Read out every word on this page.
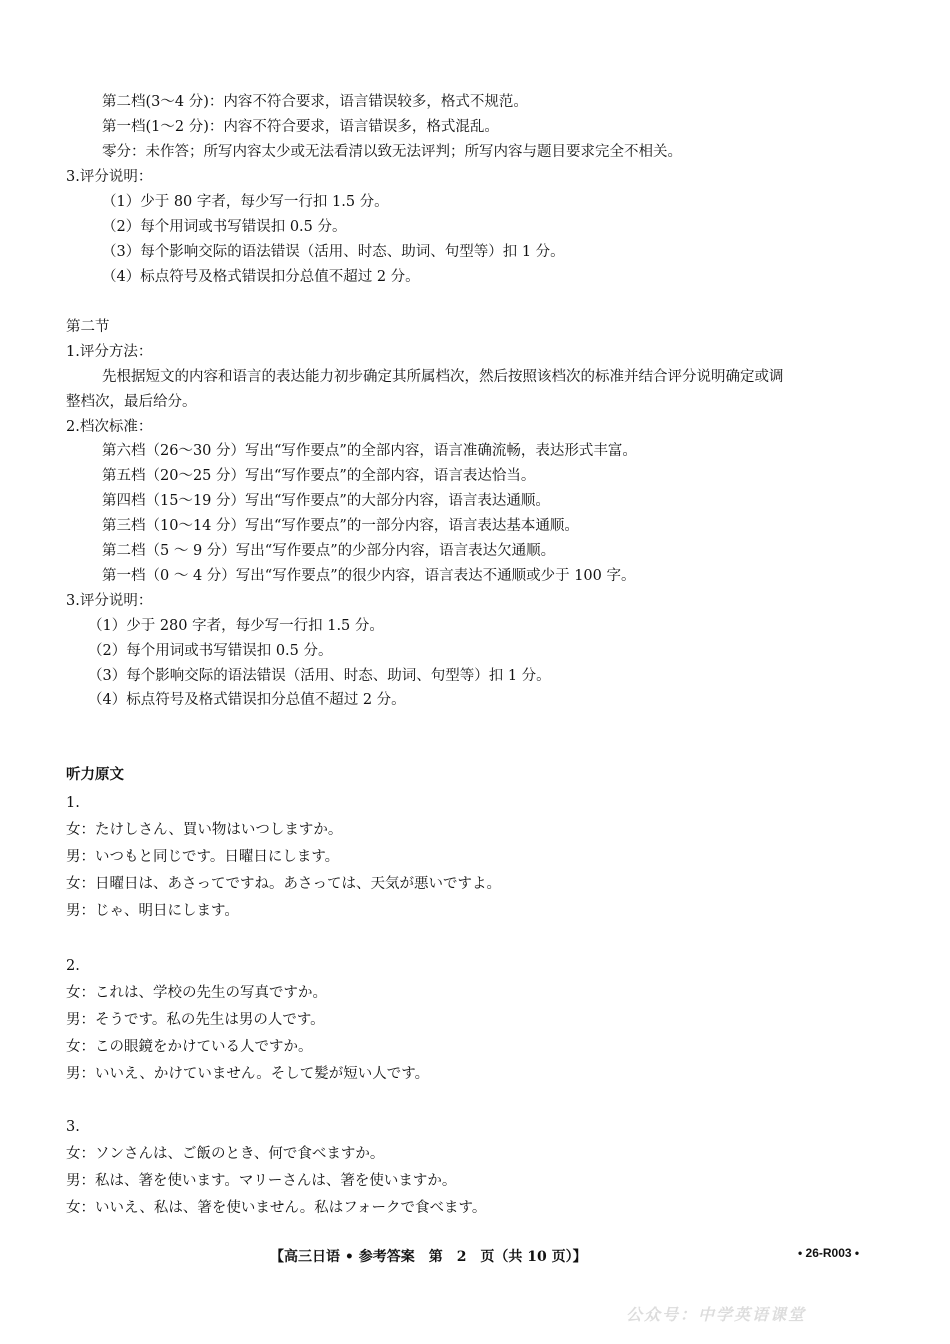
第二档(3～4 分)：内容不符合要求，语言错误较多，格式不规范。
第一档(1～2 分)：内容不符合要求，语言错误多，格式混乱。
零分：未作答；所写内容太少或无法看清以致无法评判；所写内容与题目要求完全不相关。
3.评分说明：
（1）少于 80 字者，每少写一行扣 1.5 分。
（2）每个用词或书写错误扣 0.5 分。
（3）每个影响交际的语法错误（活用、时态、助词、句型等）扣 1 分。
（4）标点符号及格式错误扣分总值不超过 2 分。
第二节
1.评分方法：
先根据短文的内容和语言的表达能力初步确定其所属档次，然后按照该档次的标准并结合评分说明确定或调
整档次，最后给分。
2.档次标准：
第六档（26～30 分）写出“写作要点”的全部内容，语言准确流畅，表达形式丰富。
第五档（20～25 分）写出“写作要点”的全部内容，语言表达恰当。
第四档（15～19 分）写出“写作要点”的大部分内容，语言表达通顺。
第三档（10～14 分）写出“写作要点”的一部分内容，语言表达基本通顺。
第二档（5 ～ 9 分）写出“写作要点”的少部分内容，语言表达欠通顺。
第一档（0 ～ 4 分）写出“写作要点”的很少内容，语言表达不通顺或少于 100 字。
3.评分说明：
（1）少于 280 字者，每少写一行扣 1.5 分。
（2）每个用词或书写错误扣 0.5 分。
（3）每个影响交际的语法错误（活用、时态、助词、句型等）扣 1 分。
（4）标点符号及格式错误扣分总值不超过 2 分。
听力原文
1.
女：たけしさん、買い物はいつしますか。
男：いつもと同じです。日曜日にします。
女：日曜日は、あさってですね。あさっては、天気が悪いですよ。
男：じゃ、明日にします。
2.
女：これは、学校の先生の写真ですか。
男：そうです。私の先生は男の人です。
女：この眼鏡をかけている人ですか。
男：いいえ、かけていません。そして髪が短い人です。
3.
女：ソンさんは、ご飯のとき、何で食べますか。
男：私は、箸を使います。マリーさんは、箸を使いますか。
女：いいえ、私は、箸を使いません。私はフォークで食べます。
【高三日语 • 参考答案　第　2　页（共 10 页）】	• 26-R003 •
公众号：中学英语课堂
